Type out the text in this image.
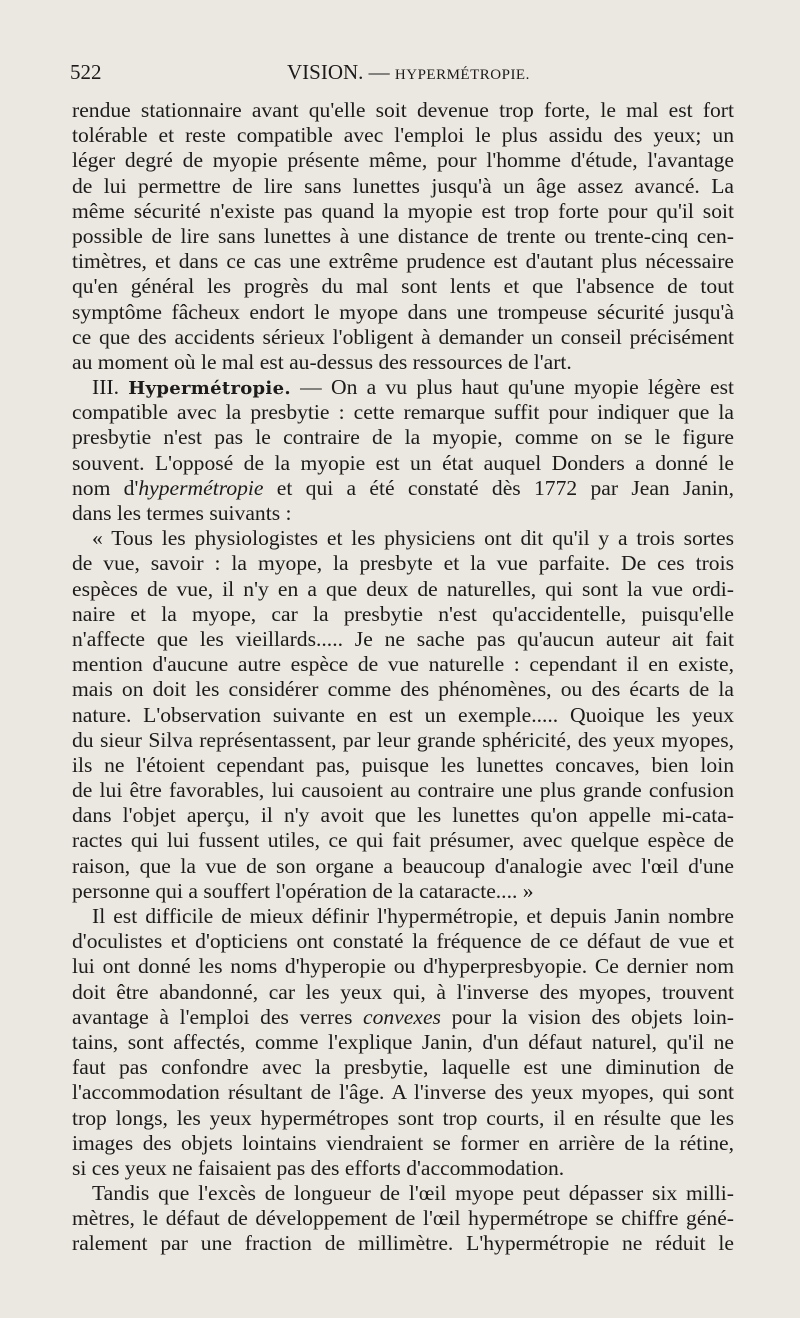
522	VISION. — HYPERMÉTROPIE.
rendue stationnaire avant qu'elle soit devenue trop forte, le mal est fort
tolérable et reste compatible avec l'emploi le plus assidu des yeux; un
léger degré de myopie présente même, pour l'homme d'étude, l'avantage
de lui permettre de lire sans lunettes jusqu'à un âge assez avancé. La
même sécurité n'existe pas quand la myopie est trop forte pour qu'il soit
possible de lire sans lunettes à une distance de trente ou trente-cinq cen-
timètres, et dans ce cas une extrême prudence est d'autant plus nécessaire
qu'en général les progrès du mal sont lents et que l'absence de tout
symptôme fâcheux endort le myope dans une trompeuse sécurité jusqu'à
ce que des accidents sérieux l'obligent à demander un conseil précisément
au moment où le mal est au-dessus des ressources de l'art.
III. Hypermétropie. — On a vu plus haut qu'une myopie légère est
compatible avec la presbytie : cette remarque suffit pour indiquer que la
presbytie n'est pas le contraire de la myopie, comme on se le figure
souvent. L'opposé de la myopie est un état auquel Donders a donné le
nom d'hypermétropie et qui a été constaté dès 1772 par Jean Janin,
dans les termes suivants :
« Tous les physiologistes et les physiciens ont dit qu'il y a trois sortes
de vue, savoir : la myope, la presbyte et la vue parfaite. De ces trois
espèces de vue, il n'y en a que deux de naturelles, qui sont la vue ordi-
naire et la myope, car la presbytie n'est qu'accidentelle, puisqu'elle
n'affecte que les vieillards..... Je ne sache pas qu'aucun auteur ait fait
mention d'aucune autre espèce de vue naturelle : cependant il en existe,
mais on doit les considérer comme des phénomènes, ou des écarts de la
nature. L'observation suivante en est un exemple..... Quoique les yeux
du sieur Silva représentassent, par leur grande sphéricité, des yeux myopes,
ils ne l'étoient cependant pas, puisque les lunettes concaves, bien loin
de lui être favorables, lui causoient au contraire une plus grande confusion
dans l'objet aperçu, il n'y avoit que les lunettes qu'on appelle mi-cata-
ractes qui lui fussent utiles, ce qui fait présumer, avec quelque espèce de
raison, que la vue de son organe a beaucoup d'analogie avec l'œil d'une
personne qui a souffert l'opération de la cataracte.... »
Il est difficile de mieux définir l'hypermétropie, et depuis Janin nombre
d'oculistes et d'opticiens ont constaté la fréquence de ce défaut de vue et
lui ont donné les noms d'hyperopie ou d'hyperpresbyopie. Ce dernier nom
doit être abandonné, car les yeux qui, à l'inverse des myopes, trouvent
avantage à l'emploi des verres convexes pour la vision des objets loin-
tains, sont affectés, comme l'explique Janin, d'un défaut naturel, qu'il ne
faut pas confondre avec la presbytie, laquelle est une diminution de
l'accommodation résultant de l'âge. A l'inverse des yeux myopes, qui sont
trop longs, les yeux hypermétropes sont trop courts, il en résulte que les
images des objets lointains viendraient se former en arrière de la rétine,
si ces yeux ne faisaient pas des efforts d'accommodation.
Tandis que l'excès de longueur de l'œil myope peut dépasser six milli-
mètres, le défaut de développement de l'œil hypermétrope se chiffre géné-
ralement par une fraction de millimètre. L'hypermétropie ne réduit le
